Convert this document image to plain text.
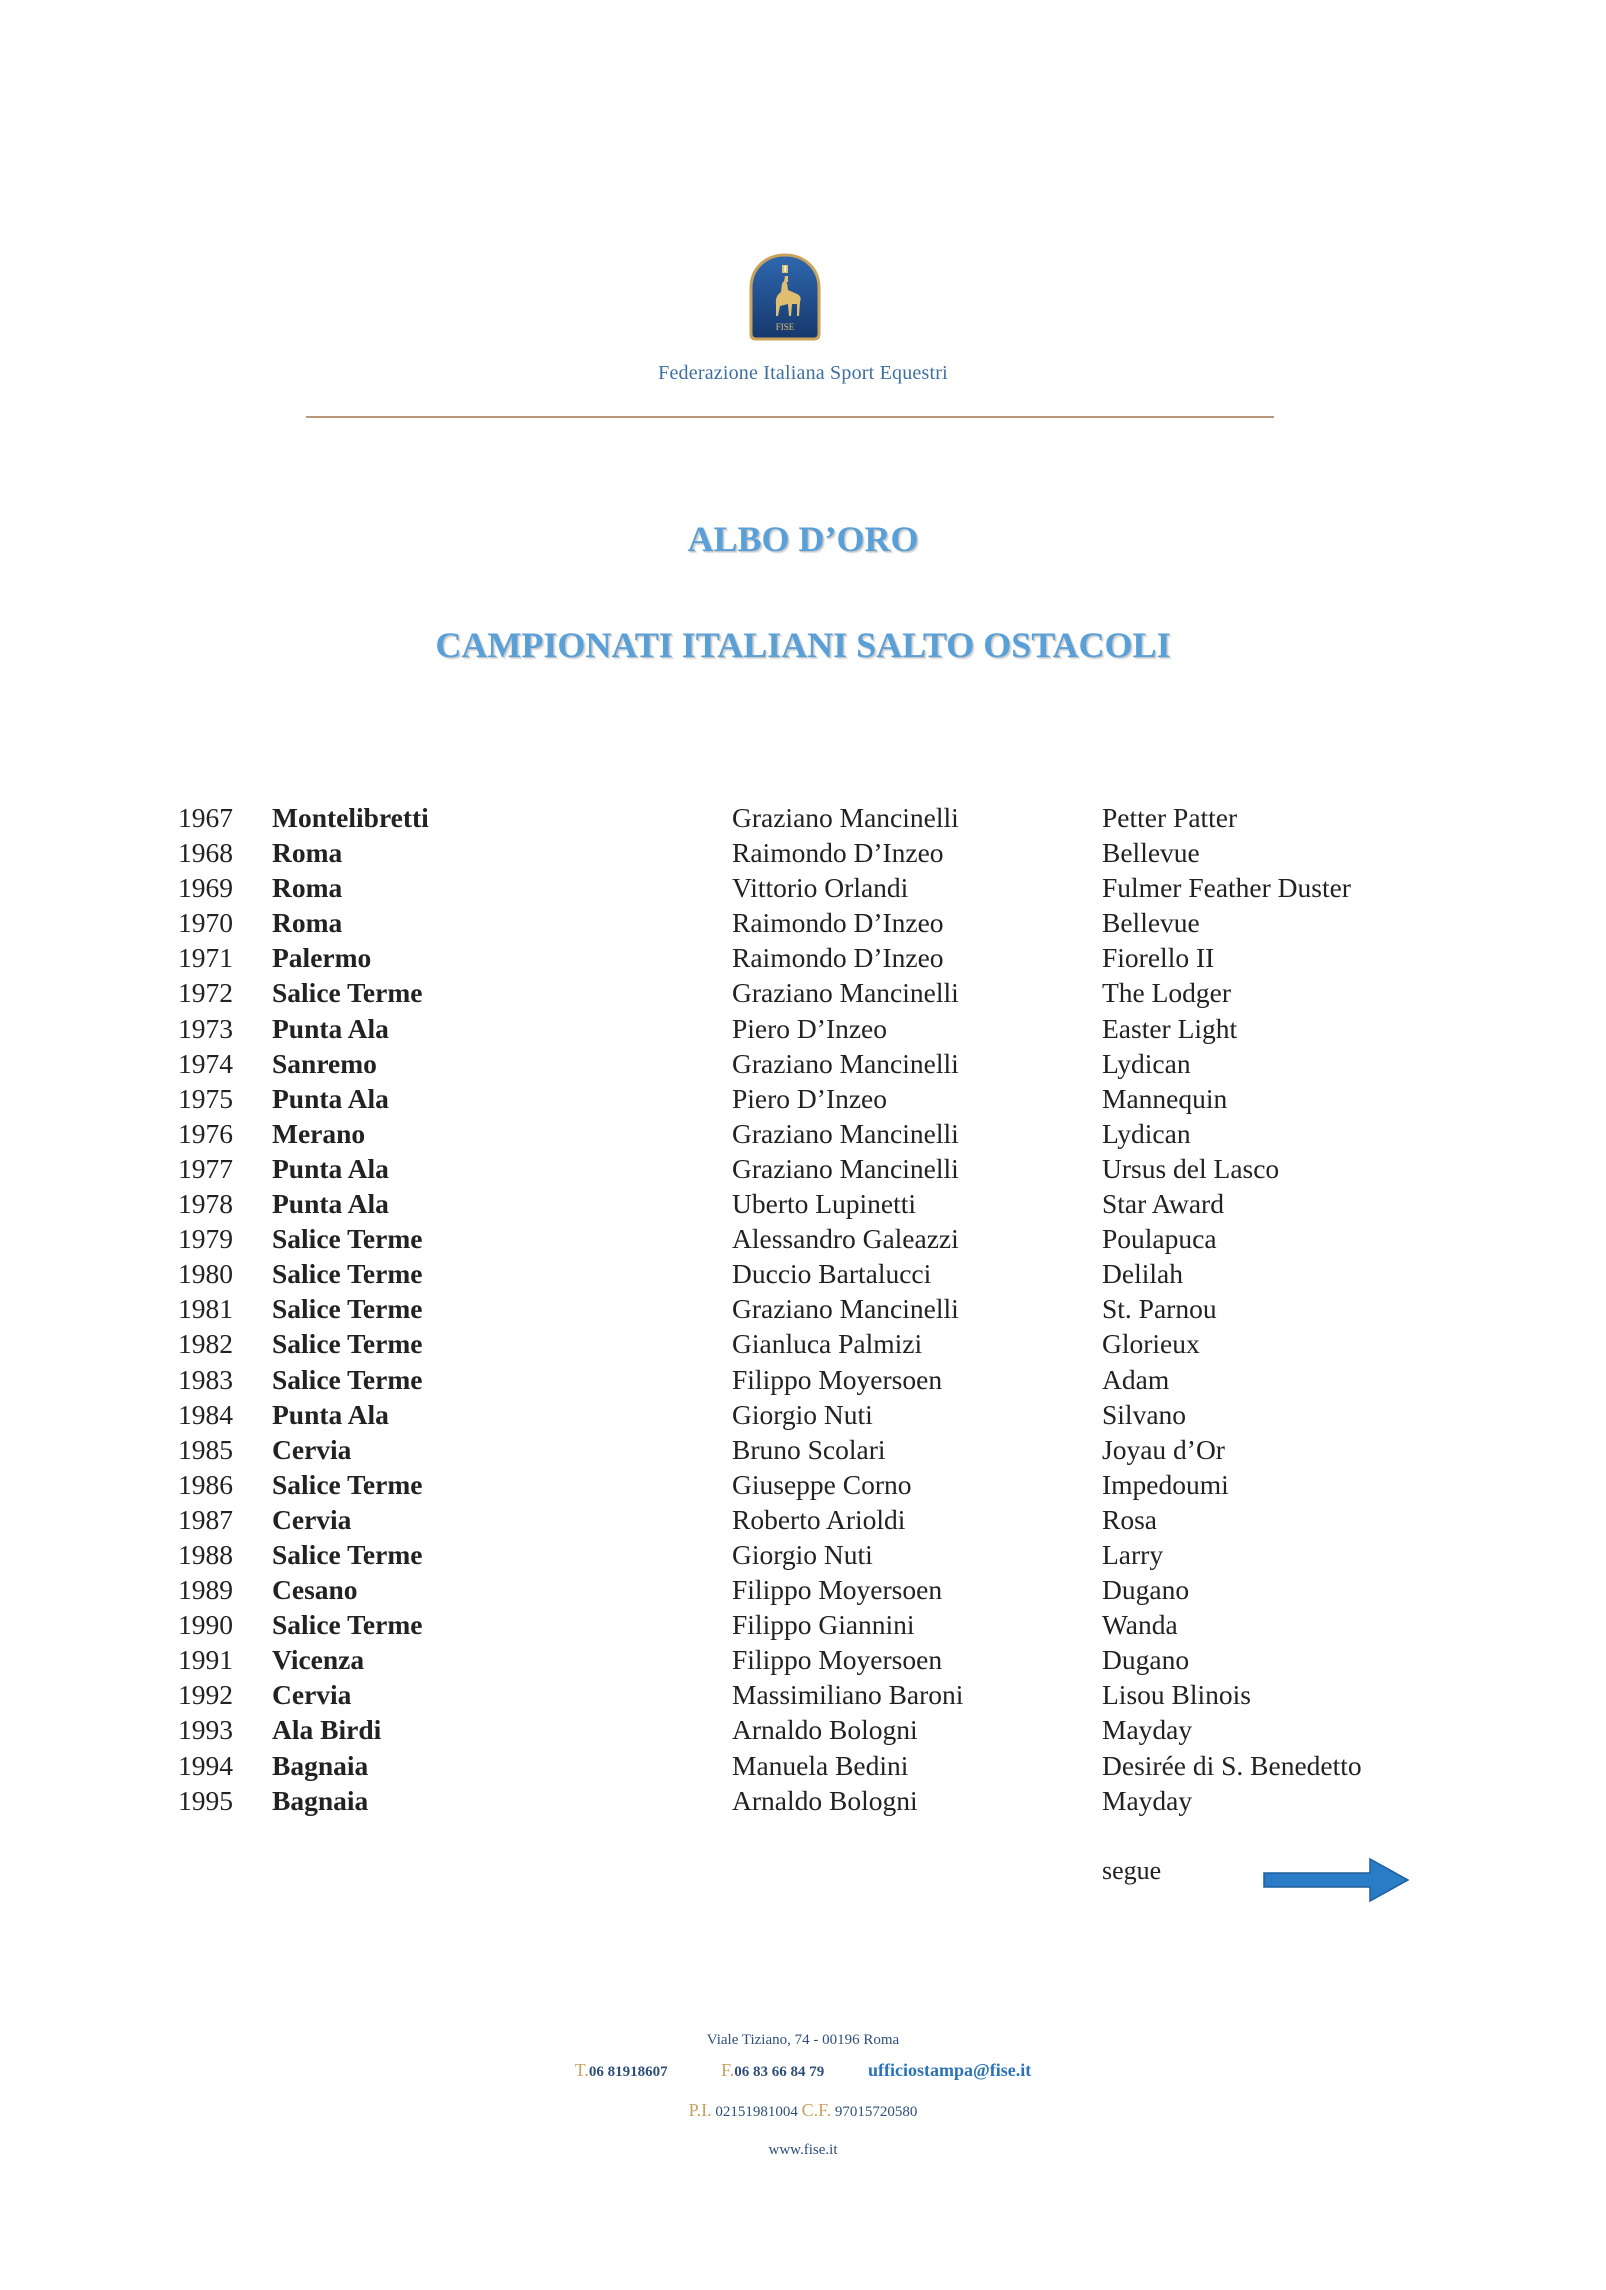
FISE
Federazione Italiana Sport Equestri
ALBO D’ORO
CAMPIONATI ITALIANI SALTO OSTACOLI
1967 Montelibretti	Graziano Mancinelli	Petter Patter
1968 Roma	Raimondo D’Inzeo	Bellevue
1969 Roma	Vittorio Orlandi	Fulmer Feather Duster
1970 Roma	Raimondo D’Inzeo	Bellevue
1971 Palermo	Raimondo D’Inzeo	Fiorello II
1972 Salice Terme	Graziano Mancinelli	The Lodger
1973 Punta Ala	Piero D’Inzeo	Easter Light
1974 Sanremo	Graziano Mancinelli	Lydican
1975 Punta Ala	Piero D’Inzeo	Mannequin
1976 Merano	Graziano Mancinelli	Lydican
1977 Punta Ala	Graziano Mancinelli	Ursus del Lasco
1978 Punta Ala	Uberto Lupinetti	Star Award
1979 Salice Terme	Alessandro Galeazzi	Poulapuca
1980 Salice Terme	Duccio Bartalucci	Delilah
1981 Salice Terme	Graziano Mancinelli	St. Parnou
1982 Salice Terme	Gianluca Palmizi	Glorieux
1983 Salice Terme	Filippo Moyersoen	Adam
1984 Punta Ala	Giorgio Nuti	Silvano
1985 Cervia	Bruno Scolari	Joyau d’Or
1986 Salice Terme	Giuseppe Corno	Impedoumi
1987 Cervia	Roberto Arioldi	Rosa
1988 Salice Terme	Giorgio Nuti	Larry
1989 Cesano	Filippo Moyersoen	Dugano
1990 Salice Terme	Filippo Giannini	Wanda
1991 Vicenza	Filippo Moyersoen	Dugano
1992 Cervia	Massimiliano Baroni	Lisou Blinois
1993 Ala Birdi	Arnaldo Bologni	Mayday
1994 Bagnaia	Manuela Bedini	Desirée di S. Benedetto
1995 Bagnaia	Arnaldo Bologni	Mayday
segue
Viale Tiziano, 74 - 00196 Roma
T.06 81918607	F.06 83 66 84 79 ufficiostampa@fise.it
P.I. 02151981004 C.F. 97015720580
www.fise.it
